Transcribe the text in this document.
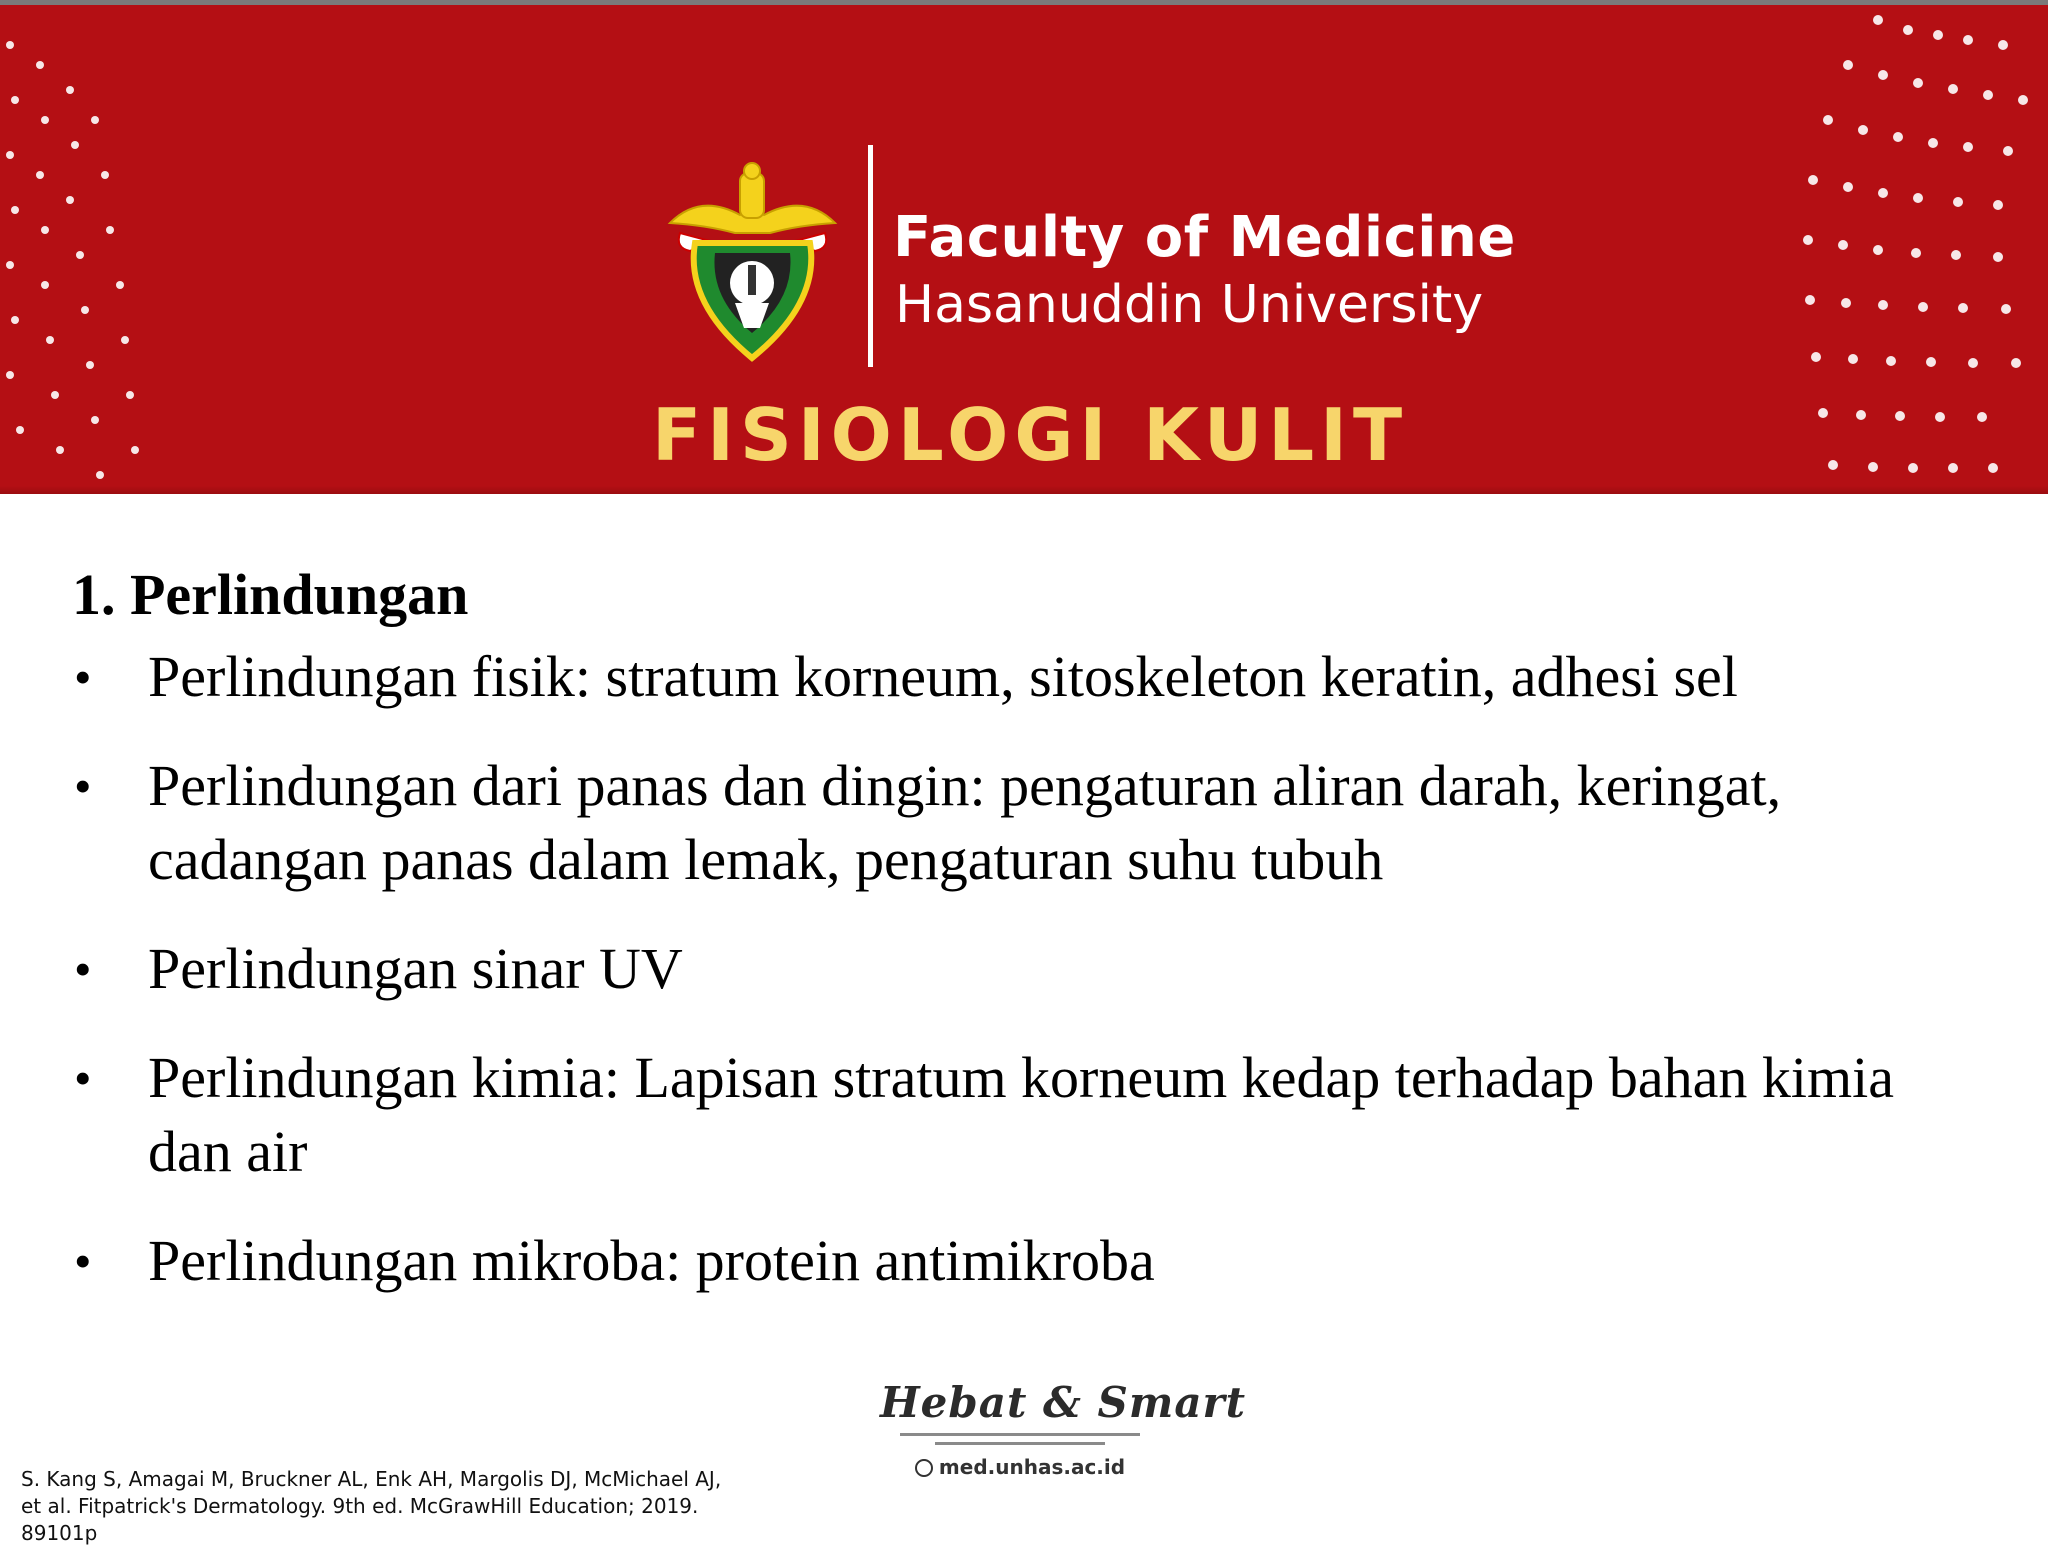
Faculty of Medicine
Hasanuddin University
FISIOLOGI KULIT
1. Perlindungan
• Perlindungan fisik: stratum korneum, sitoskeleton keratin, adhesi sel
• Perlindungan dari panas dan dingin: pengaturan aliran darah, keringat, cadangan panas dalam lemak, pengaturan suhu tubuh
• Perlindungan sinar UV
• Perlindungan kimia: Lapisan stratum korneum kedap terhadap bahan kimia dan air
• Perlindungan mikroba: protein antimikroba
Hebat & Smart
med.unhas.ac.id
S. Kang S, Amagai M, Bruckner AL, Enk AH, Margolis DJ, McMichael AJ,
et al. Fitpatrick's Dermatology. 9th ed. McGrawHill Education; 2019.
89101p
